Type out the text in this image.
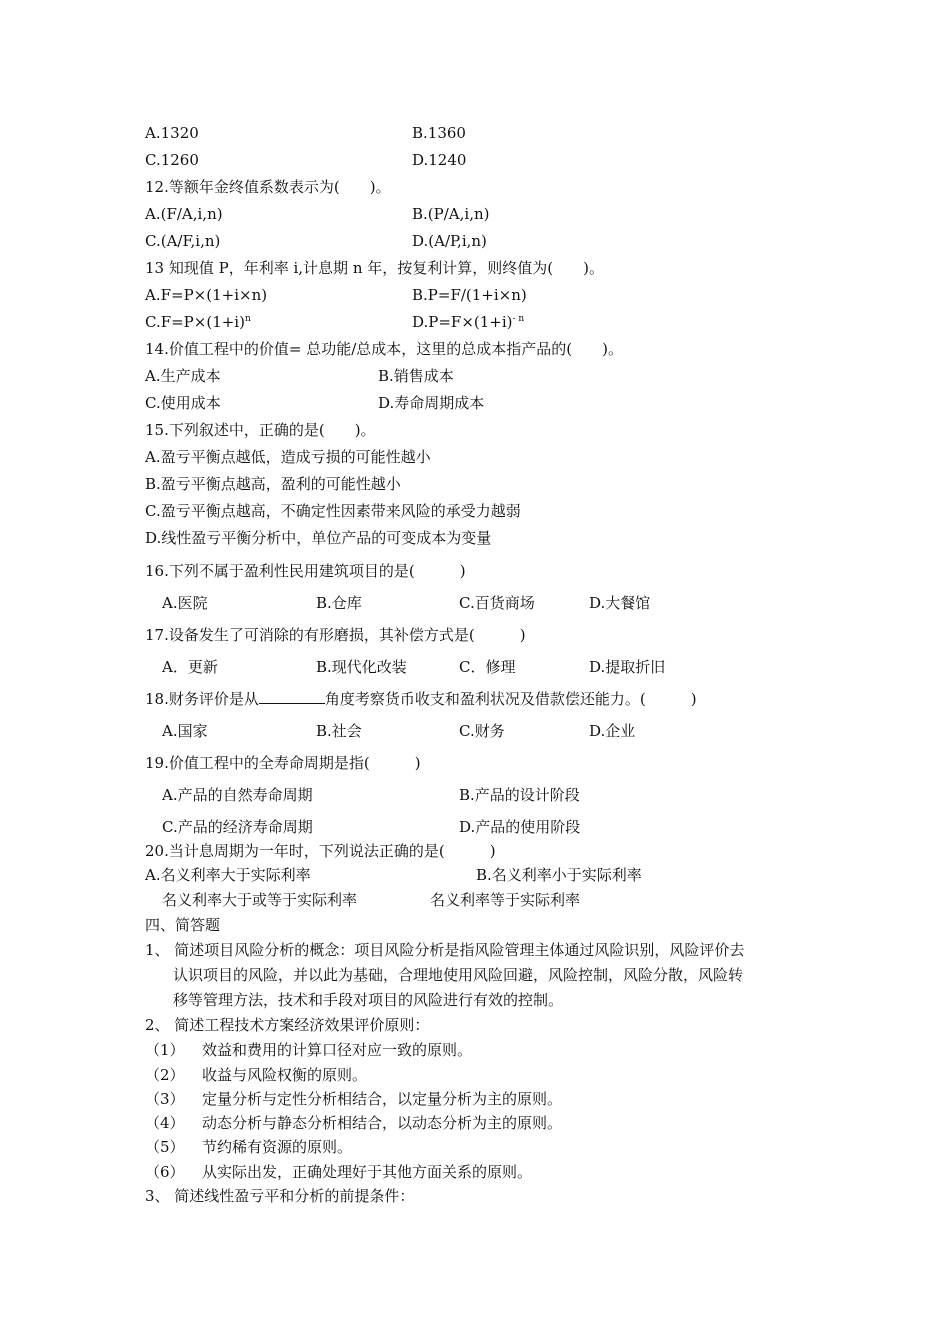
A.1320	B.1360
C.1260	D.1240
12.等额年金终值系数表示为(　　)。
A.(F/A,i,n)	B.(P/A,i,n)
C.(A/F,i,n)	D.(A/P,i,n)
13 知现值 P，年利率 i,计息期 n 年，按复利计算，则终值为(　　)。
A.F=P×(1+i×n)	B.P=F/(1+i×n)
$C.F=P\times(1+i)^n$	$D.P=F\times(1+i)^{- n}$
14.价值工程中的价值= 总功能/总成本，这里的总成本指产品的(　　)。
A.生产成本	B.销售成本
C.使用成本	D.寿命周期成本
15.下列叙述中，正确的是(　　)。
A.盈亏平衡点越低，造成亏损的可能性越小
B.盈亏平衡点越高，盈利的可能性越小
C.盈亏平衡点越高，不确定性因素带来风险的承受力越弱
D.线性盈亏平衡分析中，单位产品的可变成本为变量
16.下列不属于盈利性民用建筑项目的是(　　　)
A.医院	B.仓库	C.百货商场	D.大餐馆
17.设备发生了可消除的有形磨损，其补偿方式是(　　　)
A．更新	B.现代化改装	C．修理	D.提取折旧
18.财务评价是从	角度考察货币收支和盈利状况及借款偿还能力。(　　　)
A.国家	B.社会	C.财务	D.企业
19.价值工程中的全寿命周期是指(　　　)
A.产品的自然寿命周期	B.产品的设计阶段
C.产品的经济寿命周期	D.产品的使用阶段
20.当计息周期为一年时，下列说法正确的是(　　　)
A.名义利率大于实际利率	B.名义利率小于实际利率
名义利率大于或等于实际利率	名义利率等于实际利率
四、简答题
1、 简述项目风险分析的概念：项目风险分析是指风险管理主体通过风险识别，风险评价去
认识项目的风险，并以此为基础，合理地使用风险回避，风险控制，风险分散，风险转
移等管理方法，技术和手段对项目的风险进行有效的控制。
2、 简述工程技术方案经济效果评价原则：
（1） 效益和费用的计算口径对应一致的原则。
（2） 收益与风险权衡的原则。
（3） 定量分析与定性分析相结合，以定量分析为主的原则。
（4） 动态分析与静态分析相结合，以动态分析为主的原则。
（5） 节约稀有资源的原则。
（6） 从实际出发，正确处理好于其他方面关系的原则。
3、 简述线性盈亏平和分析的前提条件：
